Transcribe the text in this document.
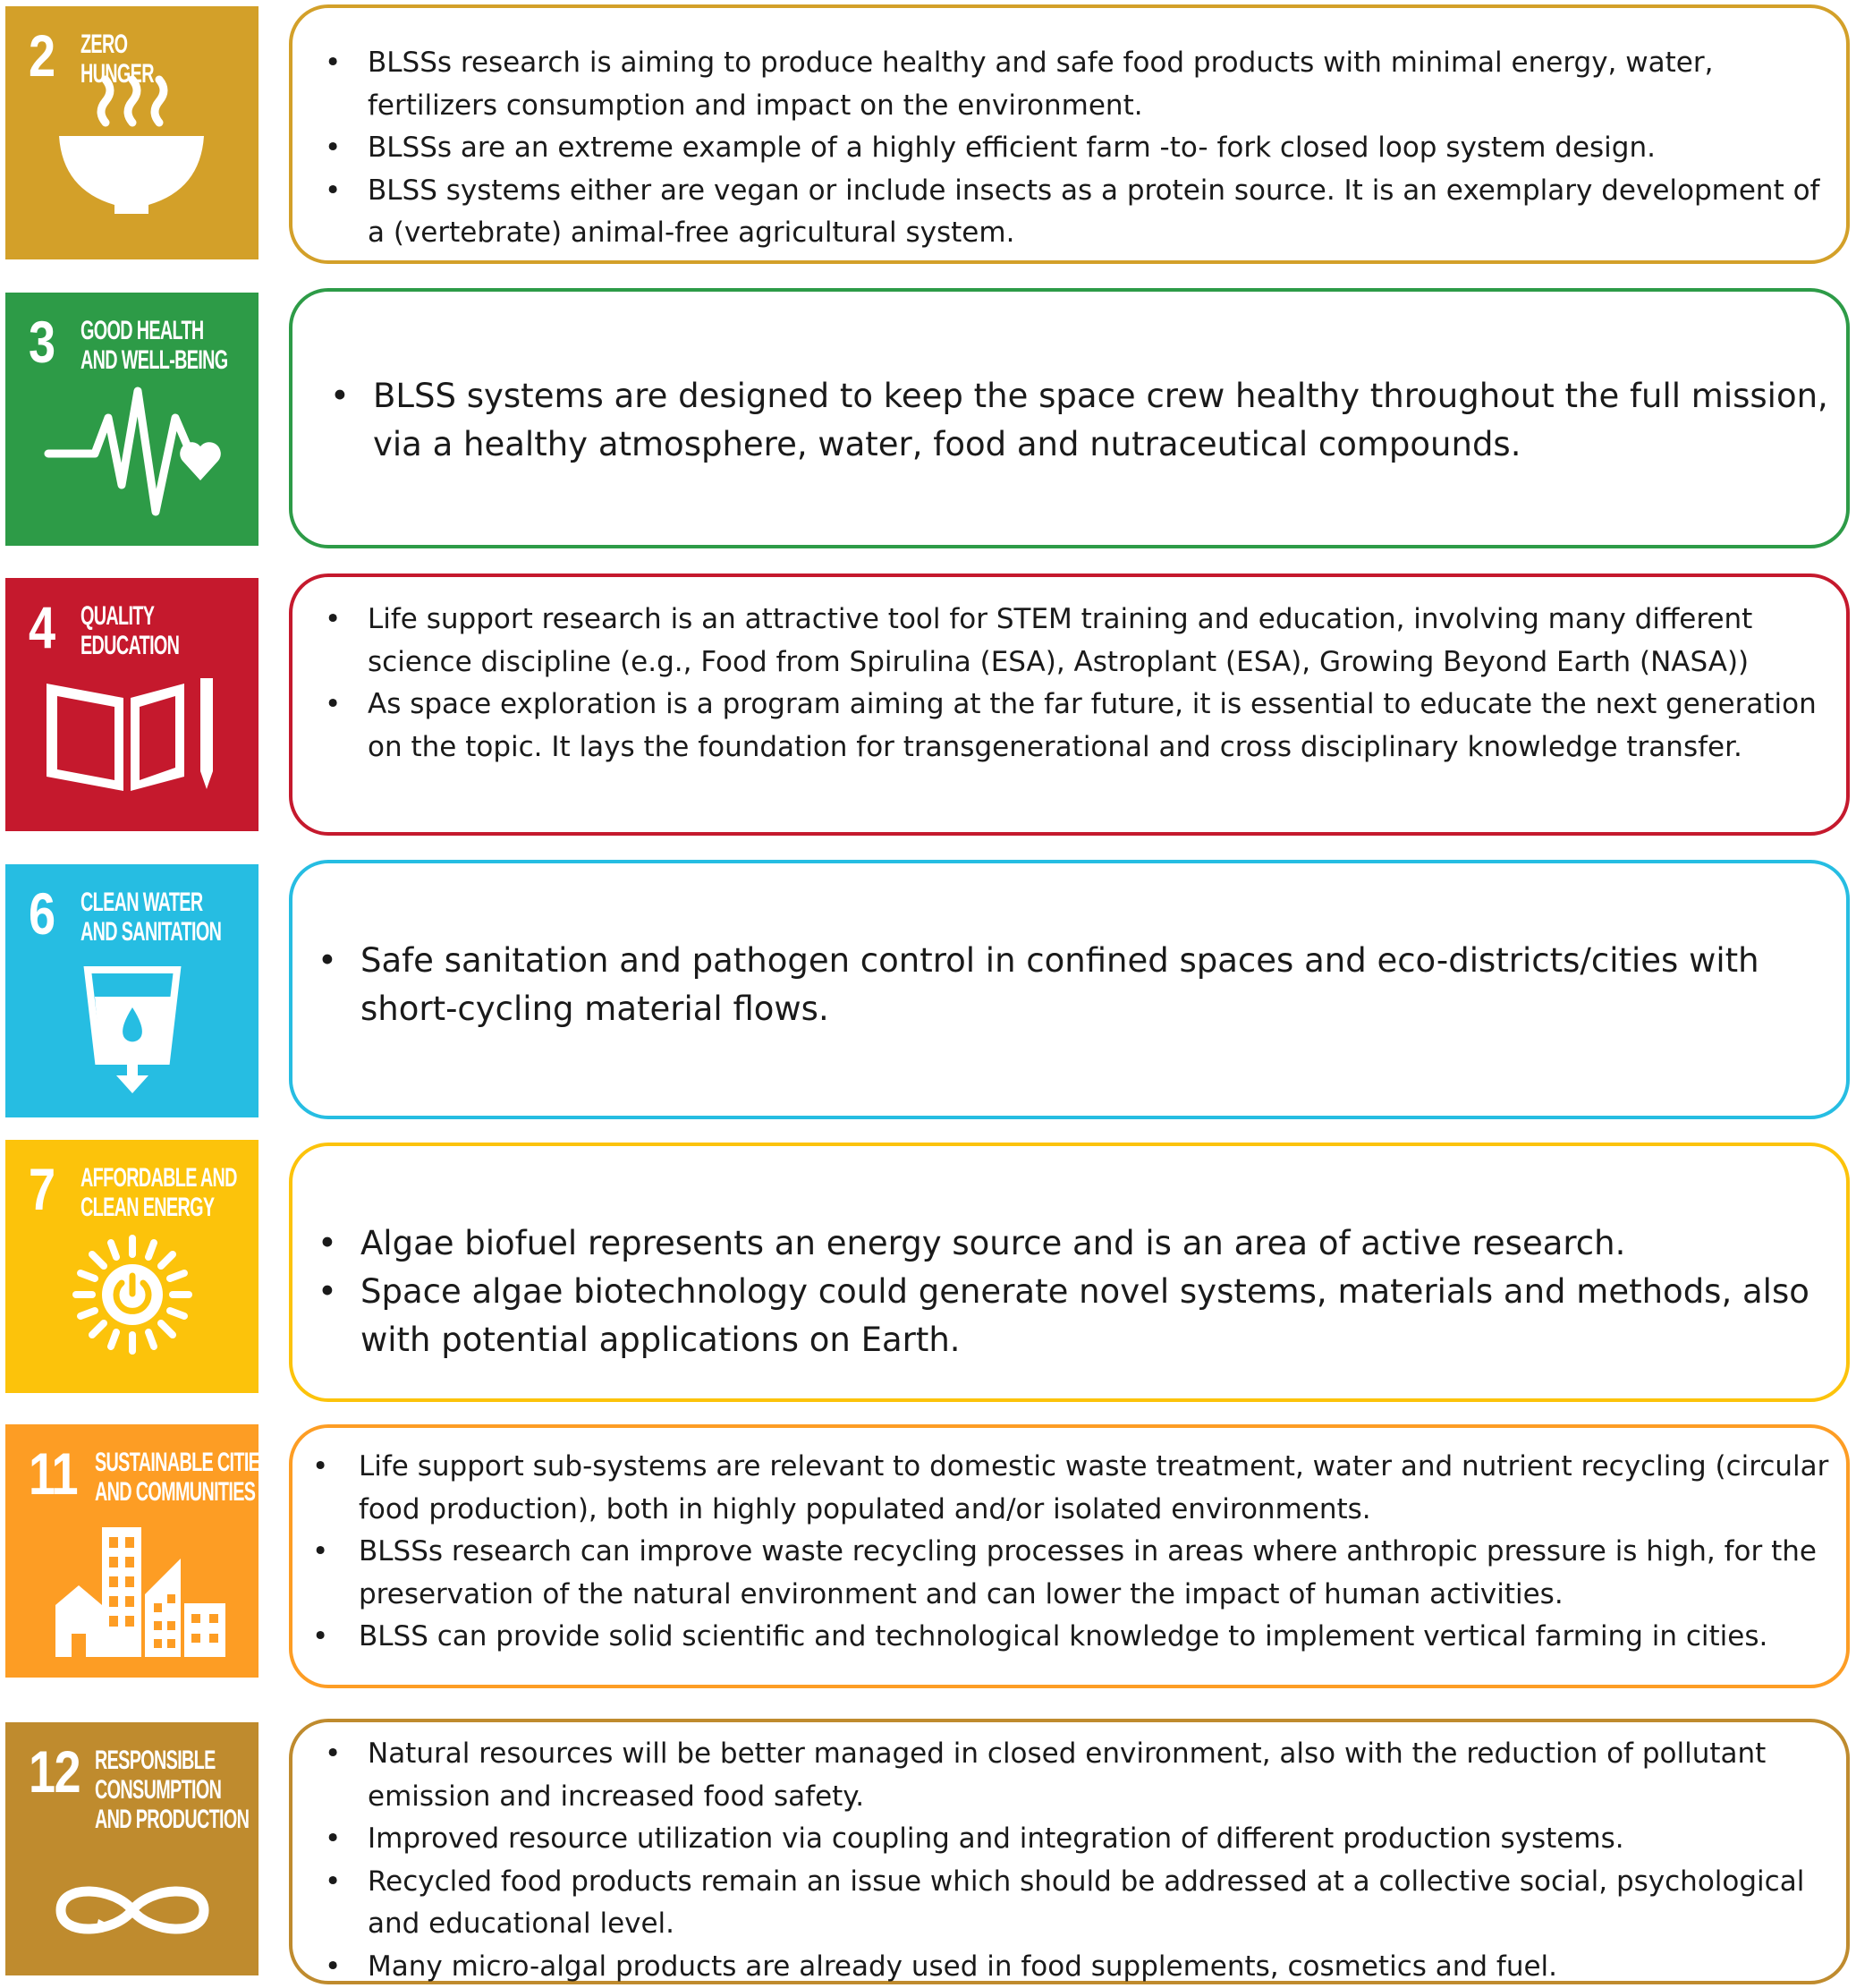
2 ZERO
HUNGER
•	BLSSs research is aiming to produce healthy and safe food products with minimal energy, water, fertilizers consumption and impact on the environment.
• BLSSs are an extreme example of a highly efficient farm -to- fork closed loop system design.
• BLSS systems either are vegan or include insects as a protein source. It is an exemplary development of a (vertebrate) animal-free agricultural system.
3 GOOD HEALTH
AND WELL-BEING
• BLSS systems are designed to keep the space crew healthy throughout the full mission, via a healthy atmosphere, water, food and nutraceutical compounds.
4 QUALITY
EDUCATION
• Life support research is an attractive tool for STEM training and education, involving many different science discipline (e.g., Food from Spirulina (ESA), Astroplant (ESA), Growing Beyond Earth (NASA))
• As space exploration is a program aiming at the far future, it is essential to educate the next generation on the topic. It lays the foundation for transgenerational and cross disciplinary knowledge transfer.
6 CLEAN WATER
AND SANITATION
• Safe sanitation and pathogen control in confined spaces and eco-districts/cities with short-cycling material flows.
7 AFFORDABLE AND
CLEAN ENERGY
• Algae biofuel represents an energy source and is an area of active research.
• Space algae biotechnology could generate novel systems, materials and methods, also with potential applications on Earth.
11 SUSTAINABLE CITIES
AND COMMUNITIES
• Life support sub-systems are relevant to domestic waste treatment, water and nutrient recycling (circular food production), both in highly populated and/or isolated environments.
• BLSSs research can improve waste recycling processes in areas where anthropic pressure is high, for the preservation of the natural environment and can lower the impact of human activities.
• BLSS can provide solid scientific and technological knowledge to implement vertical farming in cities.
12 RESPONSIBLE
CONSUMPTION
AND PRODUCTION
• Natural resources will be better managed in closed environment, also with the reduction of pollutant emission and increased food safety.
• Improved resource utilization via coupling and integration of different production systems.
• Recycled food products remain an issue which should be addressed at a collective social, psychological and educational level.
• Many micro-algal products are already used in food supplements, cosmetics and fuel.
